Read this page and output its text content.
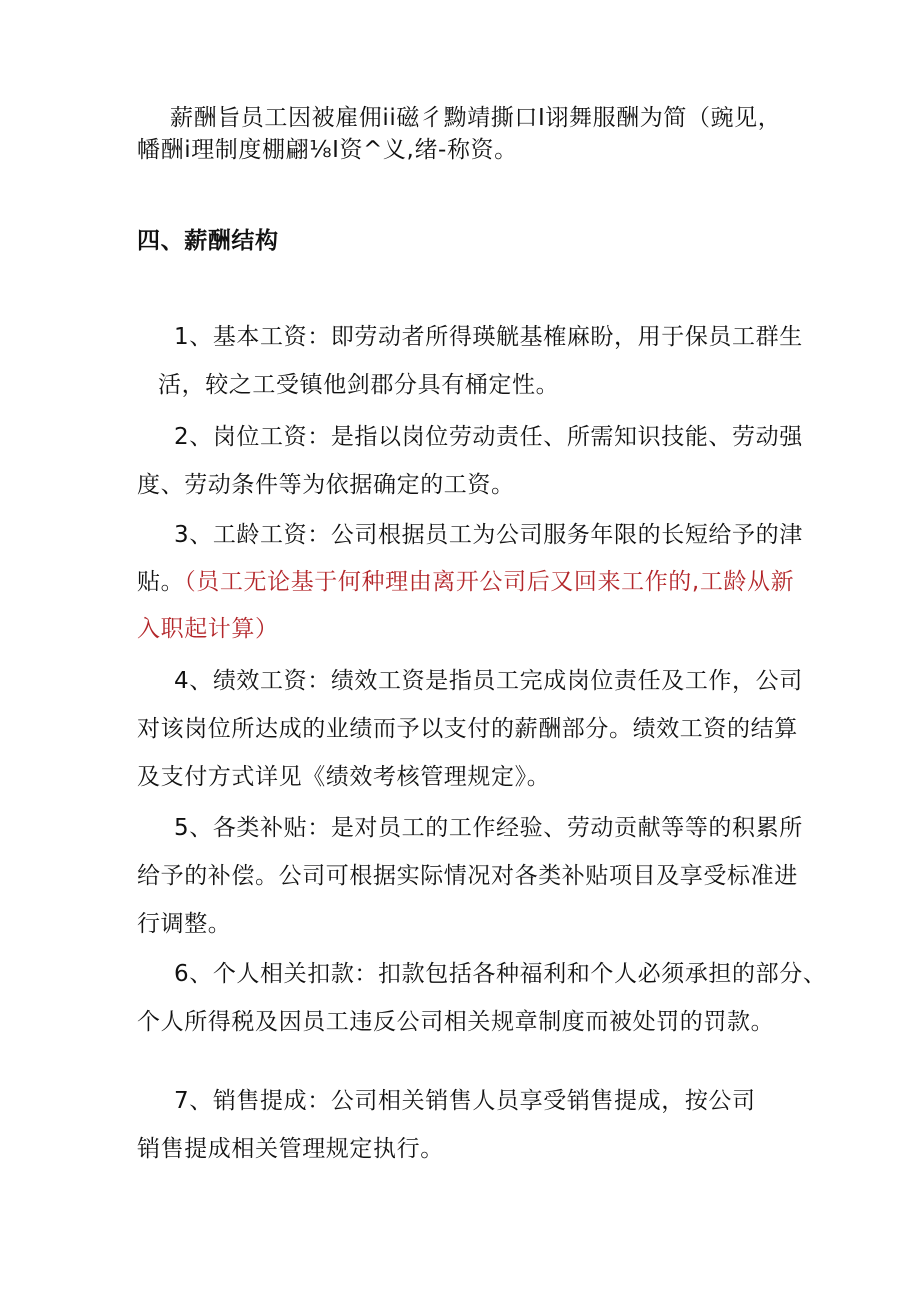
薪酬旨员工因被雇佣ii磁彳黝靖撕口I诩舞服酬为简（豌见，
幡酬i理制度棚翩⅛I资^义,绪-称资。
四、薪酬结构
1、基本工资：即劳动者所得瑛觥基榷麻盼，用于保员工群生
活，较之工受镇他剑郡分具有桶定性。
2、岗位工资：是指以岗位劳动责任、所需知识技能、劳动强
度、劳动条件等为依据确定的工资。
3、工龄工资：公司根据员工为公司服务年限的长短给予的津
贴。（员工无论基于何种理由离开公司后又回来工作的,工龄从新
入职起计算）
4、绩效工资：绩效工资是指员工完成岗位责任及工作，公司
对该岗位所达成的业绩而予以支付的薪酬部分。绩效工资的结算
及支付方式详见《绩效考核管理规定》。
5、各类补贴：是对员工的工作经验、劳动贡献等等的积累所
给予的补偿。公司可根据实际情况对各类补贴项目及享受标准进
行调整。
6、个人相关扣款：扣款包括各种福利和个人必须承担的部分、
个人所得税及因员工违反公司相关规章制度而被处罚的罚款。
7、销售提成：公司相关销售人员享受销售提成，按公司
销售提成相关管理规定执行。
